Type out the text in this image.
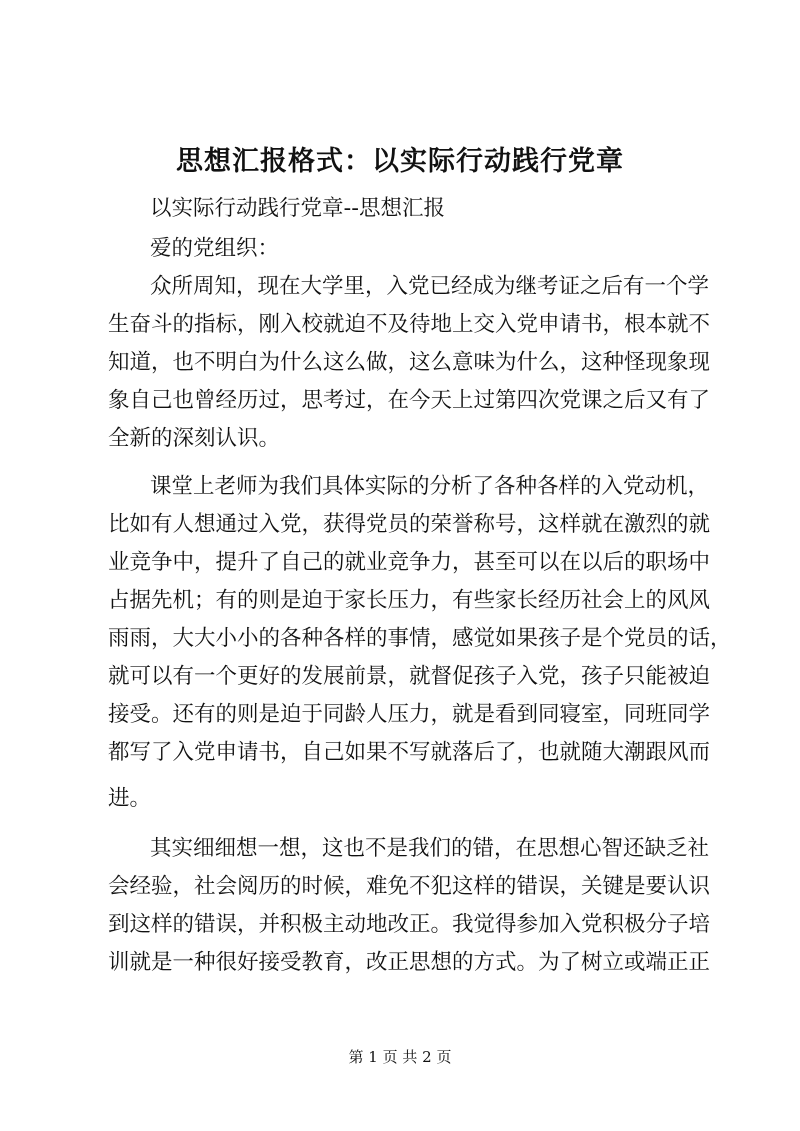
思想汇报格式：以实际行动践行党章
以实际行动践行党章--思想汇报
爱的党组织：
众所周知，现在大学里，入党已经成为继考证之后有一个学
生奋斗的指标，刚入校就迫不及待地上交入党申请书，根本就不
知道，也不明白为什么这么做，这么意味为什么，这种怪现象现
象自己也曾经历过，思考过，在今天上过第四次党课之后又有了
全新的深刻认识。
课堂上老师为我们具体实际的分析了各种各样的入党动机，
比如有人想通过入党，获得党员的荣誉称号，这样就在激烈的就
业竞争中，提升了自己的就业竞争力，甚至可以在以后的职场中
占据先机；有的则是迫于家长压力，有些家长经历社会上的风风
雨雨，大大小小的各种各样的事情，感觉如果孩子是个党员的话，
就可以有一个更好的发展前景，就督促孩子入党，孩子只能被迫
接受。还有的则是迫于同龄人压力，就是看到同寝室，同班同学
都写了入党申请书，自己如果不写就落后了，也就随大潮跟风而
进。
其实细细想一想，这也不是我们的错，在思想心智还缺乏社
会经验，社会阅历的时候，难免不犯这样的错误，关键是要认识
到这样的错误，并积极主动地改正。我觉得参加入党积极分子培
训就是一种很好接受教育，改正思想的方式。为了树立或端正正
第 1 页 共 2 页
